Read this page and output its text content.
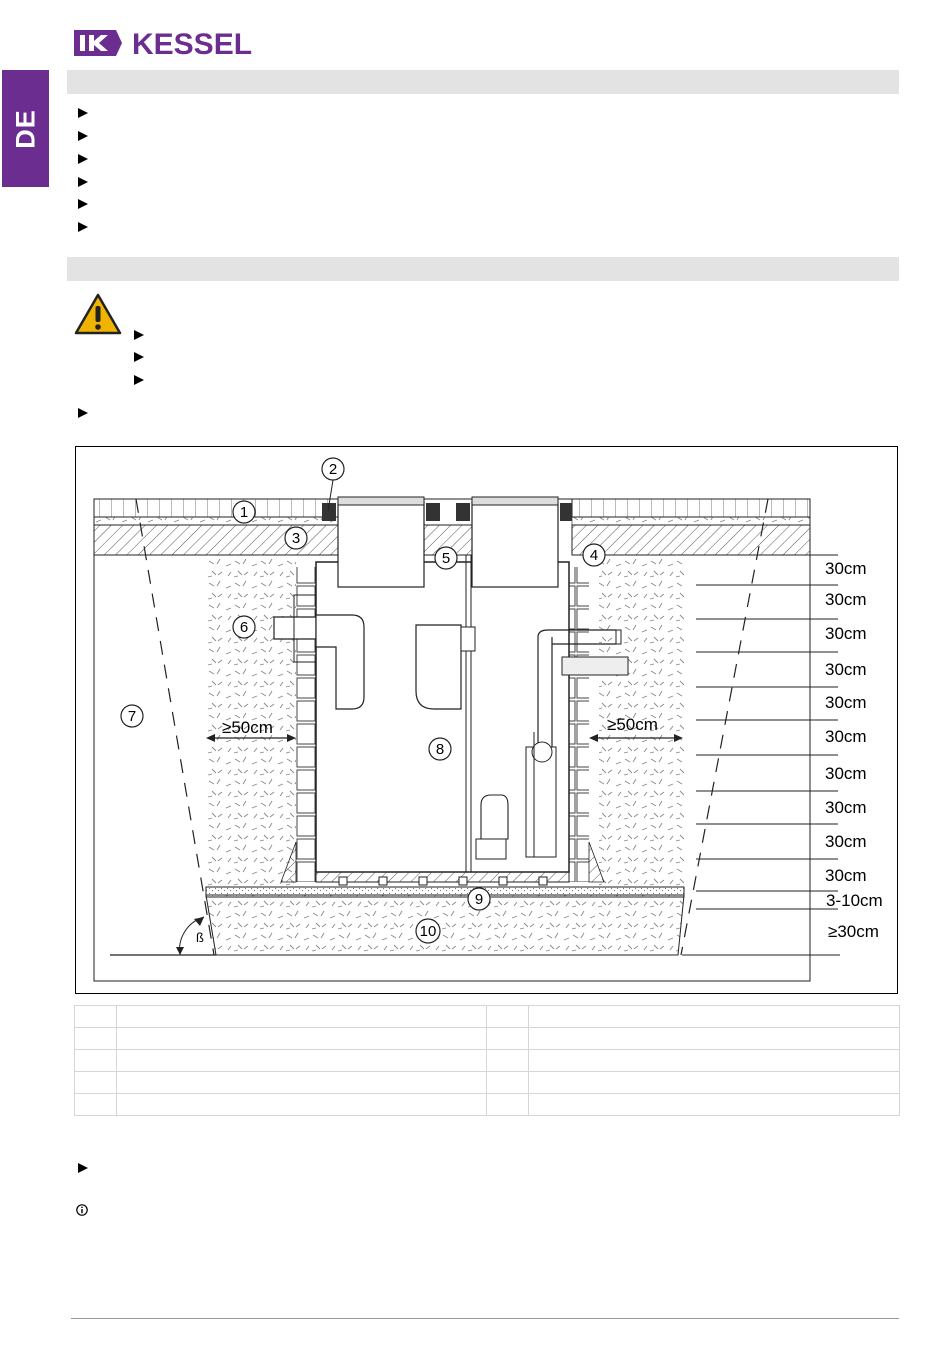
KESSEL
DE
ß
30cm
30cm
30cm
30cm
30cm
30cm
30cm
30cm
30cm
30cm
3-10cm
≥30cm
≥50cm	≥50cm
1
2
3
4
5
6
7
8
9
10
